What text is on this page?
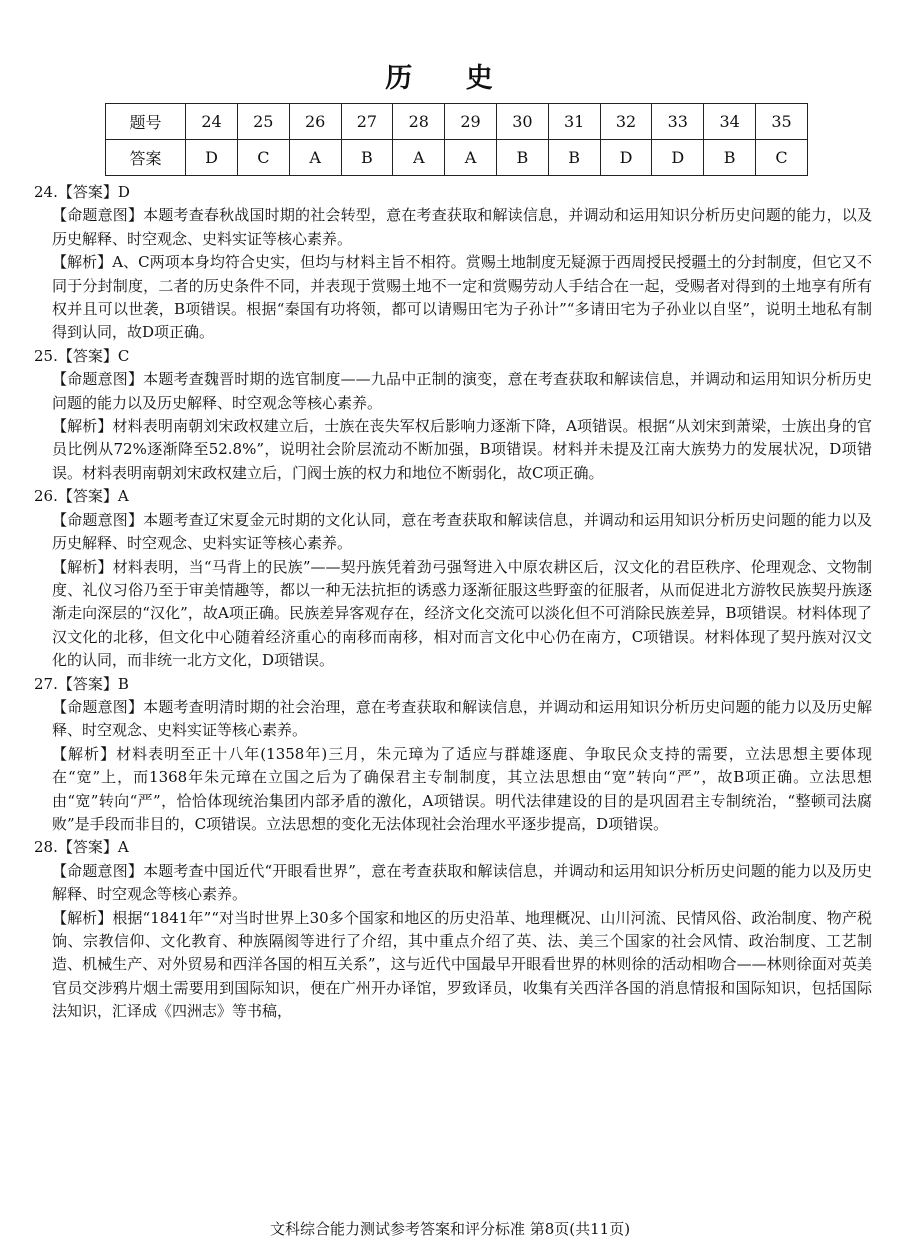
历 史
题号	24	25	26	27	28	29	30	31	32	33	34	35
答案	D	C	A	B	A	A	B	B	D	D	B	C

24.【答案】D

【命题意图】本题考查春秋战国时期的社会转型，意在考查获取和解读信息，并调动和运用知识分析历史问题的能力，以及历史解释、时空观念、史料实证等核心素养。

【解析】A、C两项本身均符合史实，但均与材料主旨不相符。赏赐土地制度无疑源于西周授民授疆土的分封制度，但它又不同于分封制度，二者的历史条件不同，并表现于赏赐土地不一定和赏赐劳动人手结合在一起，受赐者对得到的土地享有所有权并且可以世袭，B项错误。根据“秦国有功将领，都可以请赐田宅为子孙计”“多请田宅为子孙业以自坚”，说明土地私有制得到认同，故D项正确。

25.【答案】C

【命题意图】本题考查魏晋时期的选官制度——九品中正制的演变，意在考查获取和解读信息，并调动和运用知识分析历史问题的能力以及历史解释、时空观念等核心素养。

【解析】材料表明南朝刘宋政权建立后，士族在丧失军权后影响力逐渐下降，A项错误。根据“从刘宋到萧梁，士族出身的官员比例从72%逐渐降至52.8%”，说明社会阶层流动不断加强，B项错误。材料并未提及江南大族势力的发展状况，D项错误。材料表明南朝刘宋政权建立后，门阀士族的权力和地位不断弱化，故C项正确。

26.【答案】A

【命题意图】本题考查辽宋夏金元时期的文化认同，意在考查获取和解读信息，并调动和运用知识分析历史问题的能力以及历史解释、时空观念、史料实证等核心素养。

【解析】材料表明，当“马背上的民族”——契丹族凭着劲弓强弩进入中原农耕区后，汉文化的君臣秩序、伦理观念、文物制度、礼仪习俗乃至于审美情趣等，都以一种无法抗拒的诱惑力逐渐征服这些野蛮的征服者，从而促进北方游牧民族契丹族逐渐走向深层的“汉化”，故A项正确。民族差异客观存在，经济文化交流可以淡化但不可消除民族差异，B项错误。材料体现了汉文化的北移，但文化中心随着经济重心的南移而南移，相对而言文化中心仍在南方，C项错误。材料体现了契丹族对汉文化的认同，而非统一北方文化，D项错误。

27.【答案】B

【命题意图】本题考查明清时期的社会治理，意在考查获取和解读信息，并调动和运用知识分析历史问题的能力以及历史解释、时空观念、史料实证等核心素养。

【解析】材料表明至正十八年(1358年)三月，朱元璋为了适应与群雄逐鹿、争取民众支持的需要，立法思想主要体现在“宽”上，而1368年朱元璋在立国之后为了确保君主专制制度，其立法思想由“宽”转向“严”，故B项正确。立法思想由“宽”转向“严”，恰恰体现统治集团内部矛盾的激化，A项错误。明代法律建设的目的是巩固君主专制统治，“整顿司法腐败”是手段而非目的，C项错误。立法思想的变化无法体现社会治理水平逐步提高，D项错误。

28.【答案】A

【命题意图】本题考查中国近代“开眼看世界”，意在考查获取和解读信息，并调动和运用知识分析历史问题的能力以及历史解释、时空观念等核心素养。

【解析】根据“1841年”“对当时世界上30多个国家和地区的历史沿革、地理概况、山川河流、民情风俗、政治制度、物产税饷、宗教信仰、文化教育、种族隔阂等进行了介绍，其中重点介绍了英、法、美三个国家的社会风情、政治制度、工艺制造、机械生产、对外贸易和西洋各国的相互关系”，这与近代中国最早开眼看世界的林则徐的活动相吻合——林则徐面对英美官员交涉鸦片烟土需要用到国际知识，便在广州开办译馆，罗致译员，收集有关西洋各国的消息情报和国际知识，包括国际法知识，汇译成《四洲志》等书稿，

文科综合能力测试参考答案和评分标准 第8页(共11页)
